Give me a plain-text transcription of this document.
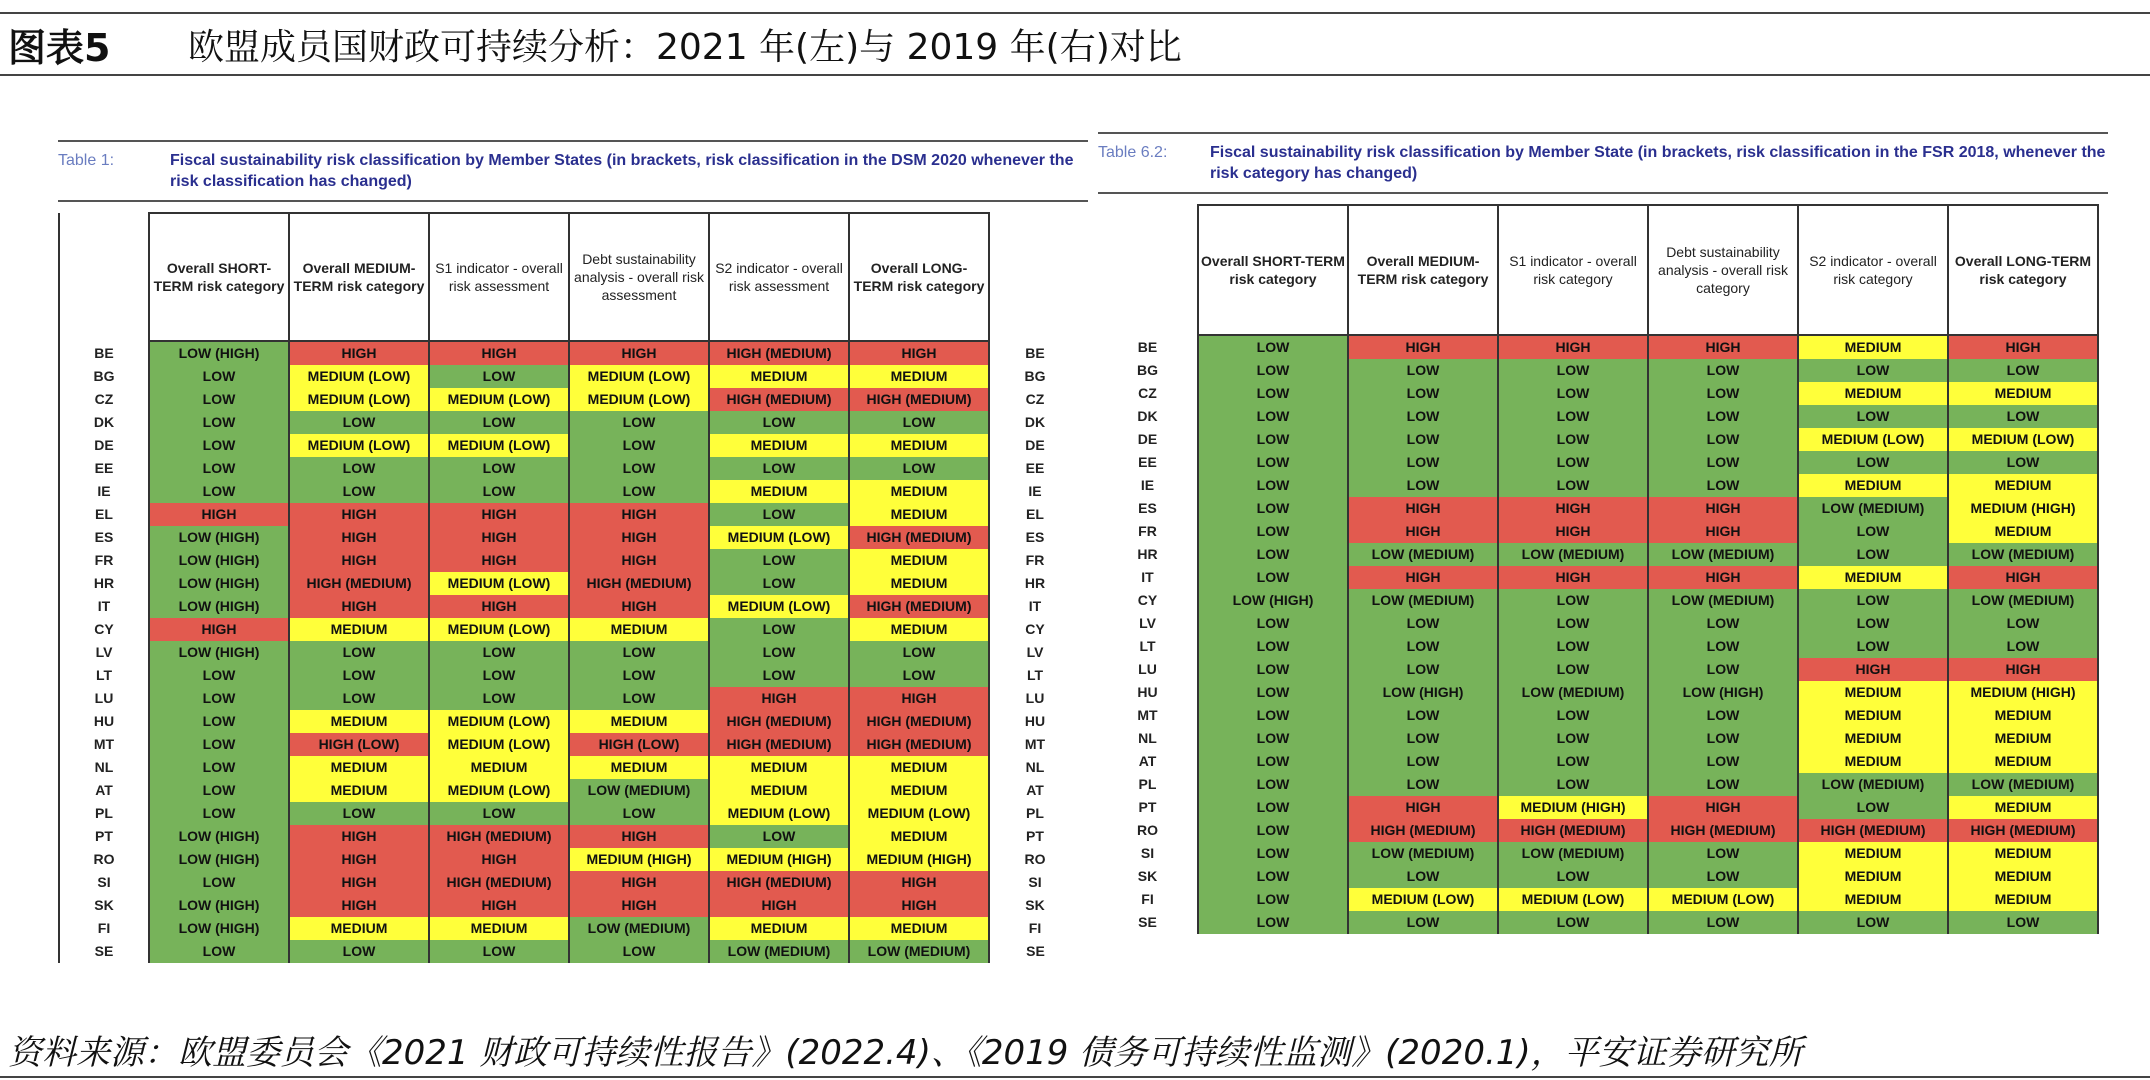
图表5	欧盟成员国财政可持续分析：2021 年(左)与 2019 年(右)对比
Table 1:	Fiscal sustainability risk classification by Member States (in brackets, risk classification in the DSM 2020 whenever the risk classification has changed)
	Overall SHORT-TERM risk category	Overall MEDIUM-TERM risk category	S1 indicator - overall risk assessment	Debt sustainability analysis - overall risk assessment	S2 indicator - overall risk assessment	Overall LONG-TERM risk category	
BE	LOW (HIGH)	HIGH	HIGH	HIGH	HIGH (MEDIUM)	HIGH	BE
BG	LOW	MEDIUM (LOW)	LOW	MEDIUM (LOW)	MEDIUM	MEDIUM	BG
CZ	LOW	MEDIUM (LOW)	MEDIUM (LOW)	MEDIUM (LOW)	HIGH (MEDIUM)	HIGH (MEDIUM)	CZ
DK	LOW	LOW	LOW	LOW	LOW	LOW	DK
DE	LOW	MEDIUM (LOW)	MEDIUM (LOW)	LOW	MEDIUM	MEDIUM	DE
EE	LOW	LOW	LOW	LOW	LOW	LOW	EE
IE	LOW	LOW	LOW	LOW	MEDIUM	MEDIUM	IE
EL	HIGH	HIGH	HIGH	HIGH	LOW	MEDIUM	EL
ES	LOW (HIGH)	HIGH	HIGH	HIGH	MEDIUM (LOW)	HIGH (MEDIUM)	ES
FR	LOW (HIGH)	HIGH	HIGH	HIGH	LOW	MEDIUM	FR
HR	LOW (HIGH)	HIGH (MEDIUM)	MEDIUM (LOW)	HIGH (MEDIUM)	LOW	MEDIUM	HR
IT	LOW (HIGH)	HIGH	HIGH	HIGH	MEDIUM (LOW)	HIGH (MEDIUM)	IT
CY	HIGH	MEDIUM	MEDIUM (LOW)	MEDIUM	LOW	MEDIUM	CY
LV	LOW (HIGH)	LOW	LOW	LOW	LOW	LOW	LV
LT	LOW	LOW	LOW	LOW	LOW	LOW	LT
LU	LOW	LOW	LOW	LOW	HIGH	HIGH	LU
HU	LOW	MEDIUM	MEDIUM (LOW)	MEDIUM	HIGH (MEDIUM)	HIGH (MEDIUM)	HU
MT	LOW	HIGH (LOW)	MEDIUM (LOW)	HIGH (LOW)	HIGH (MEDIUM)	HIGH (MEDIUM)	MT
NL	LOW	MEDIUM	MEDIUM	MEDIUM	MEDIUM	MEDIUM	NL
AT	LOW	MEDIUM	MEDIUM (LOW)	LOW (MEDIUM)	MEDIUM	MEDIUM	AT
PL	LOW	LOW	LOW	LOW	MEDIUM (LOW)	MEDIUM (LOW)	PL
PT	LOW (HIGH)	HIGH	HIGH (MEDIUM)	HIGH	LOW	MEDIUM	PT
RO	LOW (HIGH)	HIGH	HIGH	MEDIUM (HIGH)	MEDIUM (HIGH)	MEDIUM (HIGH)	RO
SI	LOW	HIGH	HIGH (MEDIUM)	HIGH	HIGH (MEDIUM)	HIGH	SI
SK	LOW (HIGH)	HIGH	HIGH	HIGH	HIGH	HIGH	SK
FI	LOW (HIGH)	MEDIUM	MEDIUM	LOW (MEDIUM)	MEDIUM	MEDIUM	FI
SE	LOW	LOW	LOW	LOW	LOW (MEDIUM)	LOW (MEDIUM)	SE
Table 6.2:	Fiscal sustainability risk classification by Member State (in brackets, risk classification in the FSR 2018, whenever the risk category has changed)
	Overall SHORT-TERM risk category	Overall MEDIUM-TERM risk category	S1 indicator - overall risk category	Debt sustainability analysis - overall risk category	S2 indicator - overall risk category	Overall LONG-TERM risk category
BE	LOW	HIGH	HIGH	HIGH	MEDIUM	HIGH
BG	LOW	LOW	LOW	LOW	LOW	LOW
CZ	LOW	LOW	LOW	LOW	MEDIUM	MEDIUM
DK	LOW	LOW	LOW	LOW	LOW	LOW
DE	LOW	LOW	LOW	LOW	MEDIUM (LOW)	MEDIUM (LOW)
EE	LOW	LOW	LOW	LOW	LOW	LOW
IE	LOW	LOW	LOW	LOW	MEDIUM	MEDIUM
ES	LOW	HIGH	HIGH	HIGH	LOW (MEDIUM)	MEDIUM (HIGH)
FR	LOW	HIGH	HIGH	HIGH	LOW	MEDIUM
HR	LOW	LOW (MEDIUM)	LOW (MEDIUM)	LOW (MEDIUM)	LOW	LOW (MEDIUM)
IT	LOW	HIGH	HIGH	HIGH	MEDIUM	HIGH
CY	LOW (HIGH)	LOW (MEDIUM)	LOW	LOW (MEDIUM)	LOW	LOW (MEDIUM)
LV	LOW	LOW	LOW	LOW	LOW	LOW
LT	LOW	LOW	LOW	LOW	LOW	LOW
LU	LOW	LOW	LOW	LOW	HIGH	HIGH
HU	LOW	LOW (HIGH)	LOW (MEDIUM)	LOW (HIGH)	MEDIUM	MEDIUM (HIGH)
MT	LOW	LOW	LOW	LOW	MEDIUM	MEDIUM
NL	LOW	LOW	LOW	LOW	MEDIUM	MEDIUM
AT	LOW	LOW	LOW	LOW	MEDIUM	MEDIUM
PL	LOW	LOW	LOW	LOW	LOW (MEDIUM)	LOW (MEDIUM)
PT	LOW	HIGH	MEDIUM (HIGH)	HIGH	LOW	MEDIUM
RO	LOW	HIGH (MEDIUM)	HIGH (MEDIUM)	HIGH (MEDIUM)	HIGH (MEDIUM)	HIGH (MEDIUM)
SI	LOW	LOW (MEDIUM)	LOW (MEDIUM)	LOW	MEDIUM	MEDIUM
SK	LOW	LOW	LOW	LOW	MEDIUM	MEDIUM
FI	LOW	MEDIUM (LOW)	MEDIUM (LOW)	MEDIUM (LOW)	MEDIUM	MEDIUM
SE	LOW	LOW	LOW	LOW	LOW	LOW
资料来源：欧盟委员会《2021 财政可持续性报告》(2022.4)、《2019 债务可持续性监测》(2020.1)，平安证券研究所
